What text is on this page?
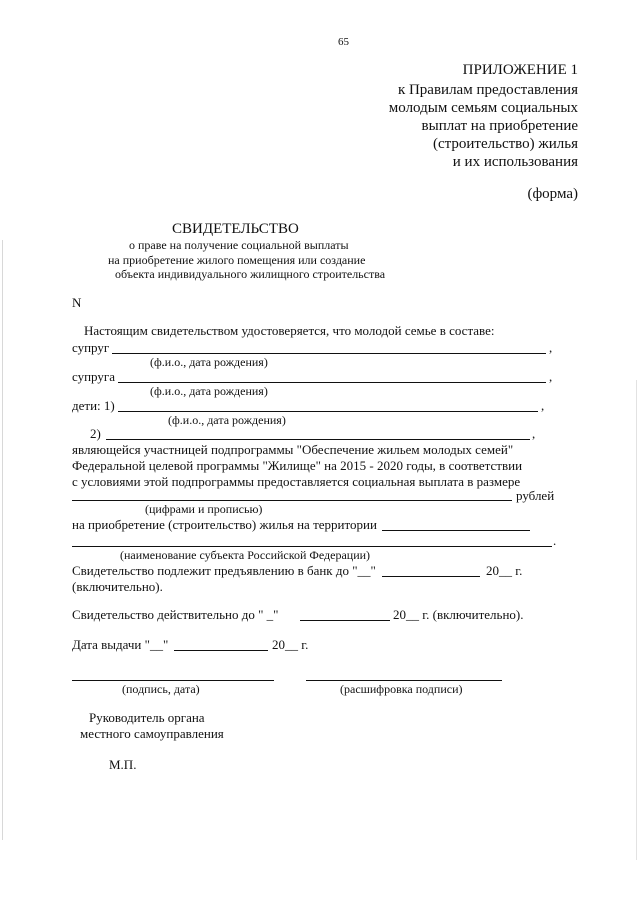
65
ПРИЛОЖЕНИЕ 1
к Правилам предоставления
молодым семьям социальных
выплат на приобретение
(строительство) жилья
и их использования
(форма)
СВИДЕТЕЛЬСТВО
о праве на получение социальной выплаты
на приобретение жилого помещения или создание
объекта индивидуального жилищного строительства
N
Настоящим свидетельством удостоверяется, что молодой семье в составе:
супруг	,
(ф.и.о., дата рождения)
супруга	,
(ф.и.о., дата рождения)
дети: 1)	,
(ф.и.о., дата рождения)
2)	,
являющейся участницей подпрограммы "Обеспечение жильем молодых семей"
Федеральной целевой программы "Жилище" на 2015 - 2020 годы, в соответствии
с условиями этой подпрограммы предоставляется социальная выплата в размере
рублей
(цифрами и прописью)
на приобретение (строительство) жилья на территории
.
(наименование субъекта Российской Федерации)
Свидетельство подлежит предъявлению в банк до "__"	20__ г.
(включительно).
Свидетельство действительно до " _"	20__ г. (включительно).
Дата выдачи "__"	20__ г.
(подпись, дата)	(расшифровка подписи)
Руководитель органа
местного самоуправления
М.П.
